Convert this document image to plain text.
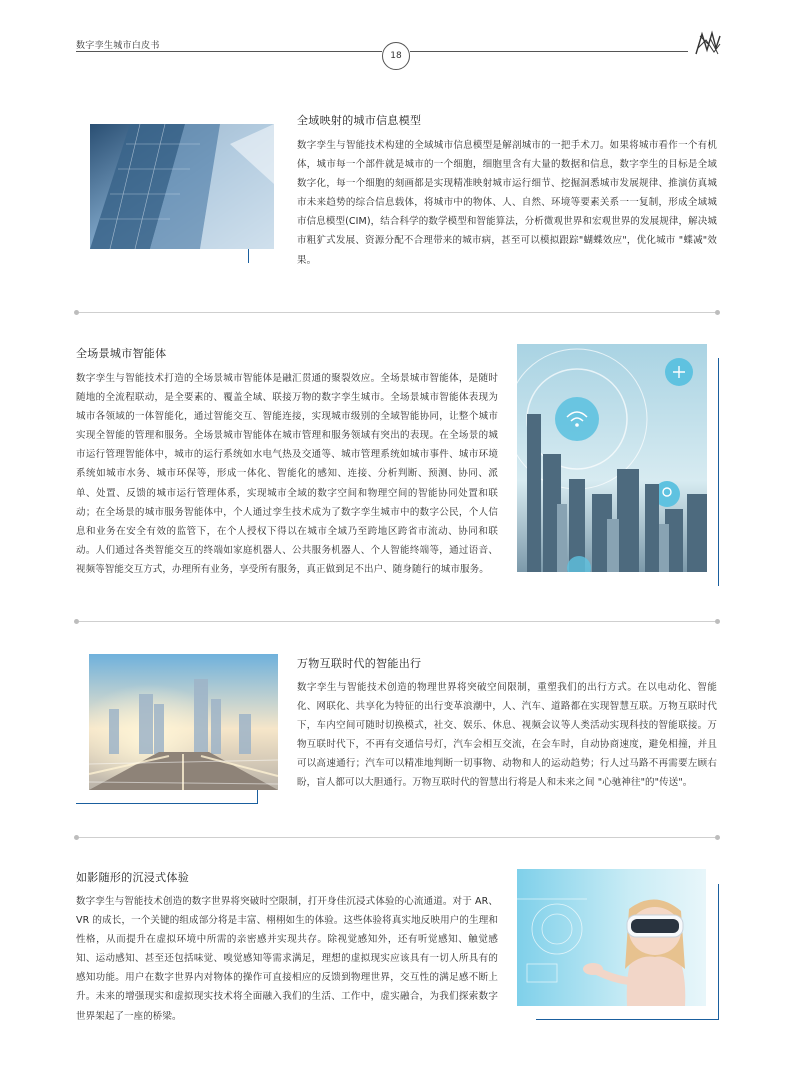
数字孪生城市白皮书
18
全域映射的城市信息模型
数字孪生与智能技术构建的全域城市信息模型是解剖城市的一把手术刀。如果将城市看作一个有机体，城市每一个部件就是城市的一个细胞，细胞里含有大量的数据和信息，数字孪生的目标是全域数字化，每一个细胞的刻画都是实现精准映射城市运行细节、挖掘洞悉城市发展规律、推演仿真城市未来趋势的综合信息载体，将城市中的物体、人、自然、环境等要素关系一一复制，形成全域城市信息模型(CIM)，结合科学的数学模型和智能算法，分析微观世界和宏观世界的发展规律，解决城市粗犷式发展、资源分配不合理带来的城市病，甚至可以模拟跟踪"蝴蝶效应"，优化城市 "蝶减"效果。
全场景城市智能体
数字孪生与智能技术打造的全场景城市智能体是融汇贯通的聚裂效应。全场景城市智能体，是随时随地的全流程联动，是全要素的、覆盖全域、联接万物的数字孪生城市。全场景城市智能体表现为城市各领域的一体智能化，通过智能交互、智能连接，实现城市级别的全域智能协同，让整个城市实现全智能的管理和服务。全场景城市智能体在城市管理和服务领域有突出的表现。在全场景的城市运行管理智能体中，城市的运行系统如水电气热及交通等、城市管理系统如城市事件、城市环境系统如城市水务、城市环保等，形成一体化、智能化的感知、连接、分析判断、预测、协同、派单、处置、反馈的城市运行管理体系，实现城市全域的数字空间和物理空间的智能协同处置和联动；在全场景的城市服务智能体中，个人通过孪生技术成为了数字孪生城市中的数字公民，个人信息和业务在安全有效的监管下，在个人授权下得以在城市全域乃至跨地区跨省市流动、协同和联动。人们通过各类智能交互的终端如家庭机器人、公共服务机器人、个人智能终端等，通过语音、视频等智能交互方式，办理所有业务，享受所有服务，真正做到足不出户、随身随行的城市服务。
万物互联时代的智能出行
数字孪生与智能技术创造的物理世界将突破空间限制，重塑我们的出行方式。在以电动化、智能化、网联化、共享化为特征的出行变革浪潮中，人、汽车、道路都在实现智慧互联。万物互联时代下，车内空间可随时切换模式，社交、娱乐、休息、视频会议等人类活动实现科技的智能联接。万物互联时代下，不再有交通信号灯，汽车会相互交流，在会车时，自动协商速度，避免相撞，并且可以高速通行；汽车可以精准地判断一切事物、动物和人的运动趋势；行人过马路不再需要左顾右盼，盲人都可以大胆通行。万物互联时代的智慧出行将是人和未来之间 "心驰神往"的"传送"。
如影随形的沉浸式体验
数字孪生与智能技术创造的数字世界将突破时空限制，打开身佳沉浸式体验的心流通道。对于 AR、VR 的成长，一个关键的组成部分将是丰富、栩栩如生的体验。这些体验将真实地反映用户的生理和性格，从而提升在虚拟环境中所需的亲密感并实现共存。除视觉感知外，还有听觉感知、触觉感知、运动感知、甚至还包括味觉、嗅觉感知等需求满足，理想的虚拟现实应该具有一切人所具有的感知功能。用户在数字世界内对物体的操作可直接相应的反馈到物理世界，交互性的满足感不断上升。未来的增强现实和虚拟现实技术将全面融入我们的生活、工作中，虚实融合，为我们探索数字世界架起了一座的桥梁。
